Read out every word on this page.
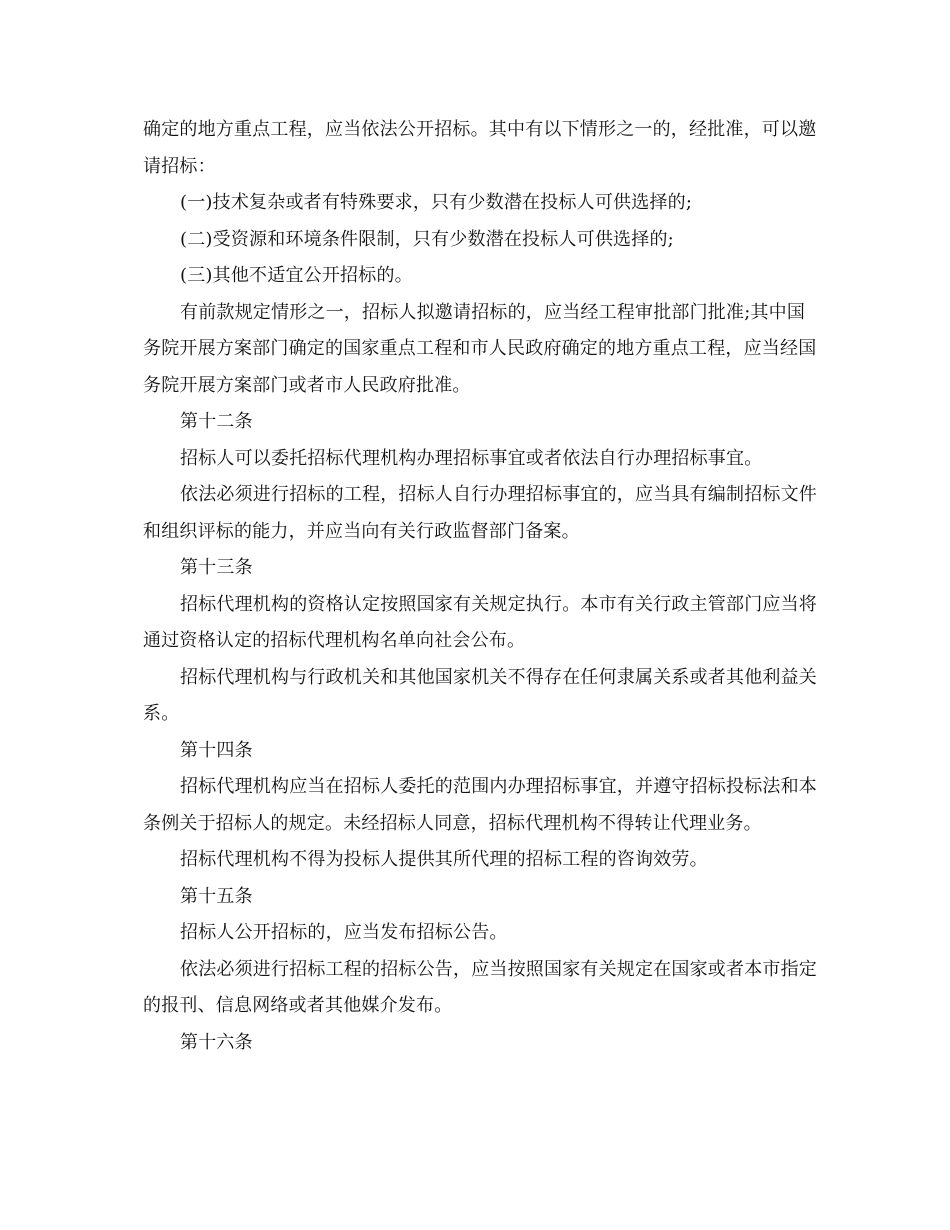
确定的地方重点工程，应当依法公开招标。其中有以下情形之一的，经批准，可以邀请招标：

(一)技术复杂或者有特殊要求，只有少数潜在投标人可供选择的;

(二)受资源和环境条件限制，只有少数潜在投标人可供选择的;

(三)其他不适宜公开招标的。

有前款规定情形之一，招标人拟邀请招标的，应当经工程审批部门批准;其中国务院开展方案部门确定的国家重点工程和市人民政府确定的地方重点工程，应当经国务院开展方案部门或者市人民政府批准。

第十二条

招标人可以委托招标代理机构办理招标事宜或者依法自行办理招标事宜。

依法必须进行招标的工程，招标人自行办理招标事宜的，应当具有编制招标文件和组织评标的能力，并应当向有关行政监督部门备案。

第十三条

招标代理机构的资格认定按照国家有关规定执行。本市有关行政主管部门应当将通过资格认定的招标代理机构名单向社会公布。

招标代理机构与行政机关和其他国家机关不得存在任何隶属关系或者其他利益关系。

第十四条

招标代理机构应当在招标人委托的范围内办理招标事宜，并遵守招标投标法和本条例关于招标人的规定。未经招标人同意，招标代理机构不得转让代理业务。

招标代理机构不得为投标人提供其所代理的招标工程的咨询效劳。

第十五条

招标人公开招标的，应当发布招标公告。

依法必须进行招标工程的招标公告，应当按照国家有关规定在国家或者本市指定的报刊、信息网络或者其他媒介发布。

第十六条
